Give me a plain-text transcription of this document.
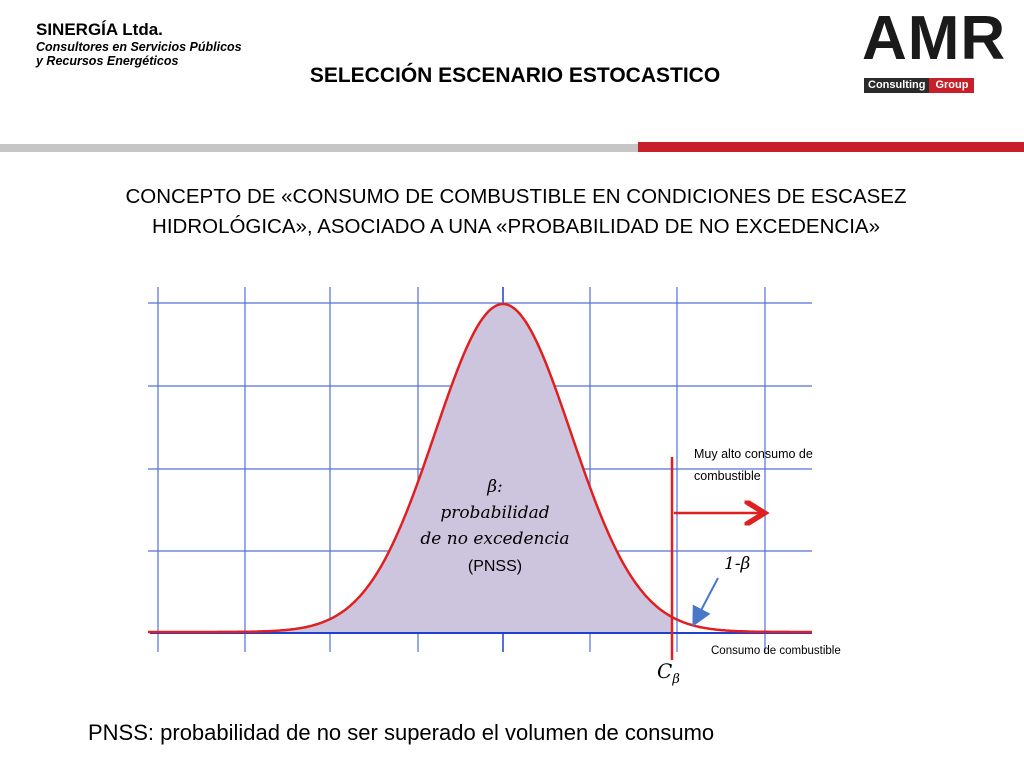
SINERGÍA Ltda.
Consultores en Servicios Públicos
y Recursos Energéticos
SELECCIÓN ESCENARIO ESTOCASTICO
AMR
Consulting Group
CONCEPTO DE «CONSUMO DE COMBUSTIBLE EN CONDICIONES DE ESCASEZ
HIDROLÓGICA», ASOCIADO A UNA «PROBABILIDAD DE NO EXCEDENCIA»
β:
probabilidad
de no excedencia
(PNSS)
Muy alto consumo de
combustible
1-β
Consumo de combustible
$C_\beta$
PNSS: probabilidad de no ser superado el volumen de consumo
